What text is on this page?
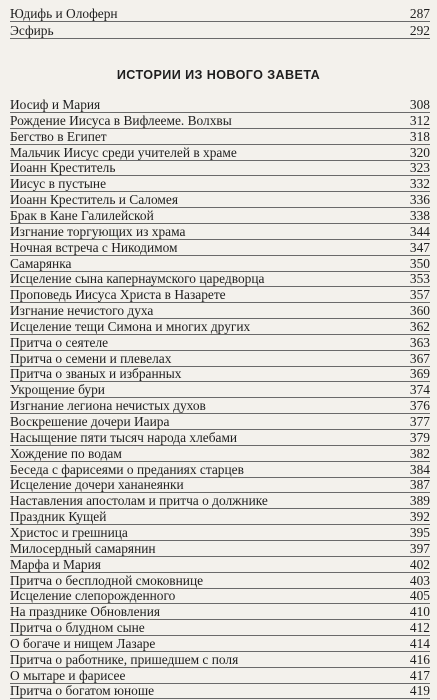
Юдифь и Олоферн	287
Эсфирь	292
ИСТОРИИ ИЗ НОВОГО ЗАВЕТА
Иосиф и Мария	308
Рождение Иисуса в Вифлееме. Волхвы	312
Бегство в Египет	318
Мальчик Иисус среди учителей в храме	320
Иоанн Креститель	323
Иисус в пустыне	332
Иоанн Креститель и Саломея	336
Брак в Кане Галилейской	338
Изгнание торгующих из храма	344
Ночная встреча с Никодимом	347
Самарянка	350
Исцеление сына капернаумского царедворца	353
Проповедь Иисуса Христа в Назарете	357
Изгнание нечистого духа	360
Исцеление тещи Симона и многих других	362
Притча о сеятеле	363
Притча о семени и плевелах	367
Притча о званых и избранных	369
Укрощение бури	374
Изгнание легиона нечистых духов	376
Воскрешение дочери Иаира	377
Насыщение пяти тысяч народа хлебами	379
Хождение по водам	382
Беседа с фарисеями о преданиях старцев	384
Исцеление дочери хананеянки	387
Наставления апостолам и притча о должнике	389
Праздник Кущей	392
Христос и грешница	395
Милосердный самарянин	397
Марфа и Мария	402
Притча о бесплодной смоковнице	403
Исцеление слепорожденного	405
На празднике Обновления	410
Притча о блудном сыне	412
О богаче и нищем Лазаре	414
Притча о работнике, пришедшем с поля	416
О мытаре и фарисее	417
Притча о богатом юноше	419
